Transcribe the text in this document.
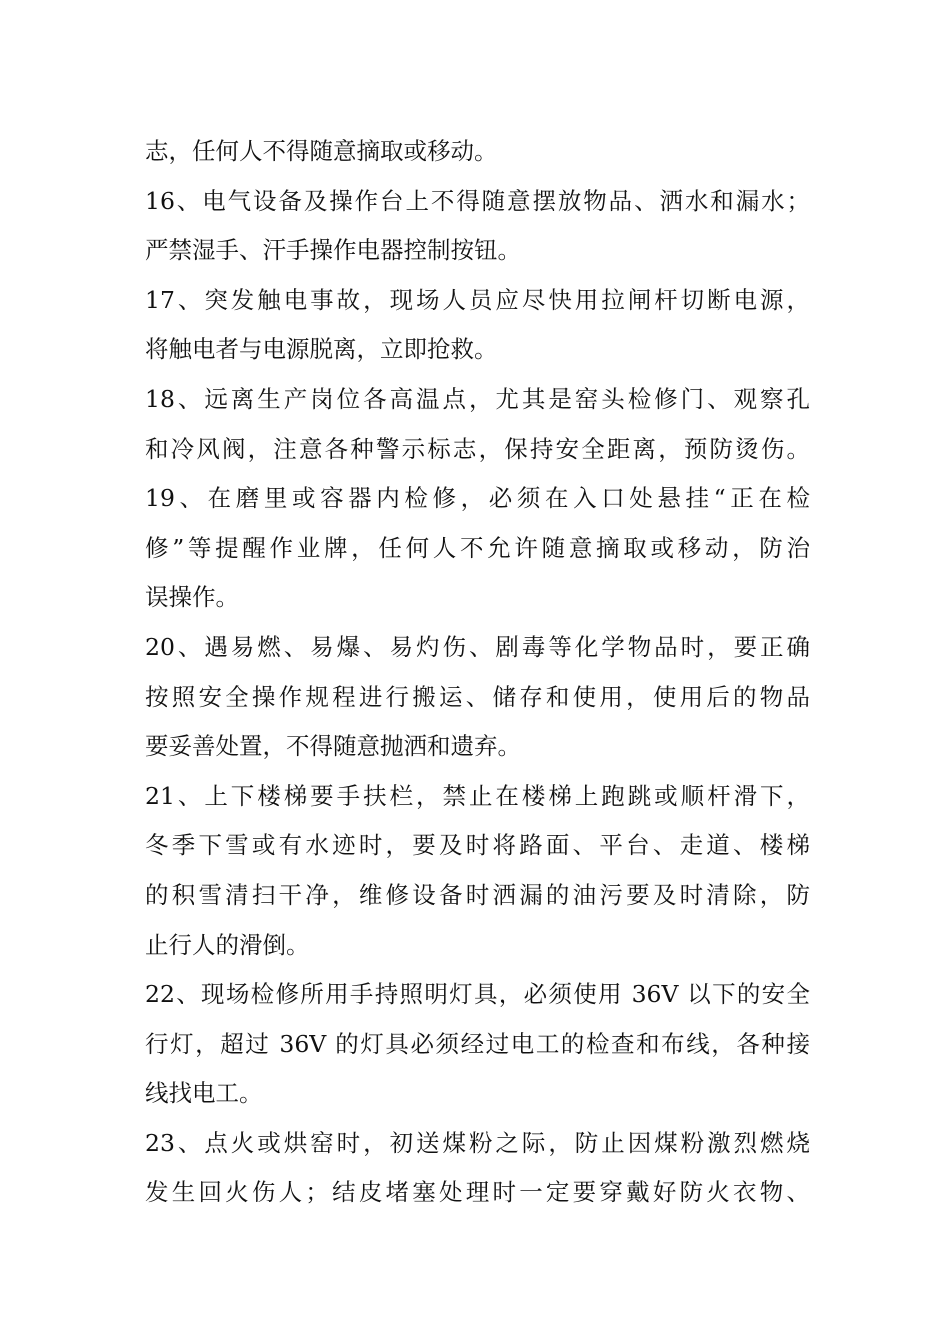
志，任何人不得随意摘取或移动。
16、电气设备及操作台上不得随意摆放物品、洒水和漏水；
严禁湿手、汗手操作电器控制按钮。
17、突发触电事故，现场人员应尽快用拉闸杆切断电源，
将触电者与电源脱离，立即抢救。
18、远离生产岗位各高温点，尤其是窑头检修门、观察孔
和冷风阀，注意各种警示标志，保持安全距离，预防烫伤。
19、在磨里或容器内检修，必须在入口处悬挂“正在检
修”等提醒作业牌，任何人不允许随意摘取或移动，防治
误操作。
20、遇易燃、易爆、易灼伤、剧毒等化学物品时，要正确
按照安全操作规程进行搬运、储存和使用，使用后的物品
要妥善处置，不得随意抛洒和遗弃。
21、上下楼梯要手扶栏，禁止在楼梯上跑跳或顺杆滑下，
冬季下雪或有水迹时，要及时将路面、平台、走道、楼梯
的积雪清扫干净，维修设备时洒漏的油污要及时清除，防
止行人的滑倒。
22、现场检修所用手持照明灯具，必须使用 36V 以下的安全
行灯，超过 36V 的灯具必须经过电工的检查和布线，各种接
线找电工。
23、点火或烘窑时，初送煤粉之际，防止因煤粉激烈燃烧
发生回火伤人；结皮堵塞处理时一定要穿戴好防火衣物、
